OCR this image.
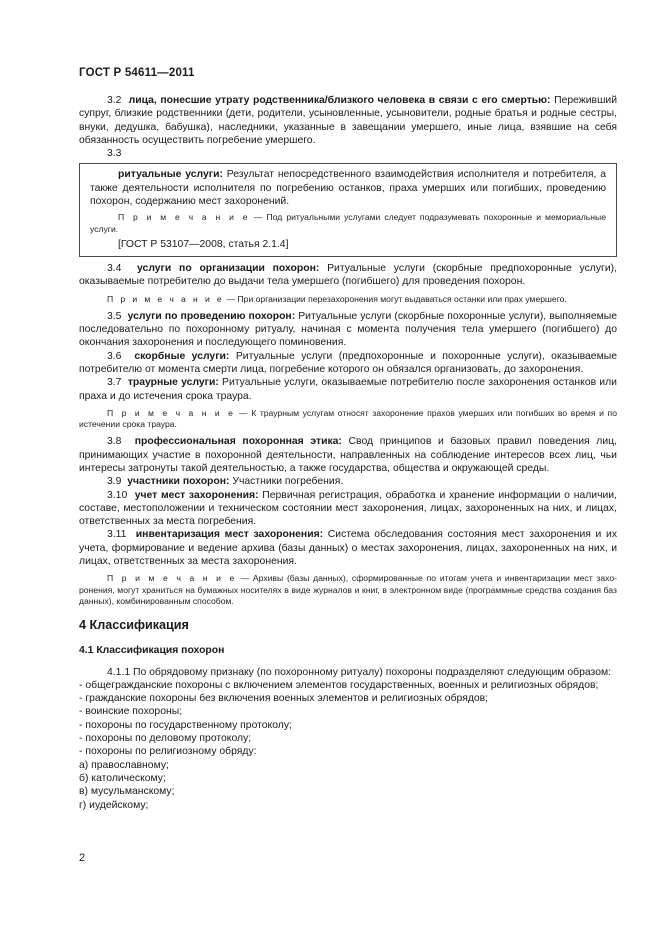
ГОСТ Р 54611—2011

3.2 лица, понесшие утрату родственника/близкого человека в связи с его смертью: Переживший супруг, близкие родственники (дети, родители, усыновленные, усыновители, родные братья и родные сестры, внуки, дедушка, бабушка), наследники, указанные в завещании умершего, иные лица, взявшие на себя обязанность осуществить погребение умершего.

3.3

ритуальные услуги: Результат непосредственного взаимодействия исполнителя и потребителя, а также деятельности исполнителя по погребению останков, праха умерших или погибших, проведению похорон, содержанию мест захоронений.

П р и м е ч а н и е — Под ритуальными услугами следует подразумевать похоронные и мемориальные услуги.

[ГОСТ Р 53107—2008, статья 2.1.4]

3.4 услуги по организации похорон: Ритуальные услуги (скорбные предпохоронные услуги), оказываемые потребителю до выдачи тела умершего (погибшего) для проведения похорон.

П р и м е ч а н и е — При организации перезахоронения могут выдаваться останки или прах умершего.

3.5 услуги по проведению похорон: Ритуальные услуги (скорбные похоронные услуги), выполняемые последовательно по похоронному ритуалу, начиная с момента получения тела умершего (погибшего) до окончания захоронения и последующего поминовения.

3.6 скорбные услуги: Ритуальные услуги (предпохоронные и похоронные услуги), оказываемые потребителю от момента смерти лица, погребение которого он обязался организовать, до захоронения.

3.7 траурные услуги: Ритуальные услуги, оказываемые потребителю после захоронения останков или праха и до истечения срока траура.

П р и м е ч а н и е — К траурным услугам относят захоронение прахов умерших или погибших во время и по истечении срока траура.

3.8 профессиональная похоронная этика: Свод принципов и базовых правил поведения лиц, принимающих участие в похоронной деятельности, направленных на соблюдение интересов всех лиц, чьи интересы затронуты такой деятельностью, а также государства, общества и окружающей среды.

3.9 участники похорон: Участники погребения.

3.10 учет мест захоронения: Первичная регистрация, обработка и хранение информации о наличии, составе, местоположении и техническом состоянии мест захоронения, лицах, захороненных на них, и лицах, ответственных за места погребения.

3.11 инвентаризация мест захоронения: Система обследования состояния мест захоронения и их учета, формирование и ведение архива (базы данных) о местах захоронения, лицах, захороненных на них, и лицах, ответственных за места захоронения.

П р и м е ч а н и е — Архивы (базы данных), сформированные по итогам учета и инвентаризации мест захоронения, могут храниться на бумажных носителях в виде журналов и книг, в электронном виде (программные средства создания баз данных), комбинированным способом.

4 Классификация

4.1 Классификация похорон

4.1.1 По обрядовому признаку (по похоронному ритуалу) похороны подразделяют следующим образом:

- общегражданские похороны с включением элементов государственных, военных и религиозных обрядов;

- гражданские похороны без включения военных элементов и религиозных обрядов;

- воинские похороны;

- похороны по государственному протоколу;

- похороны по деловому протоколу;

- похороны по религиозному обряду:

а) православному;

б) католическому;

в) мусульманскому;

г) иудейскому;

2
